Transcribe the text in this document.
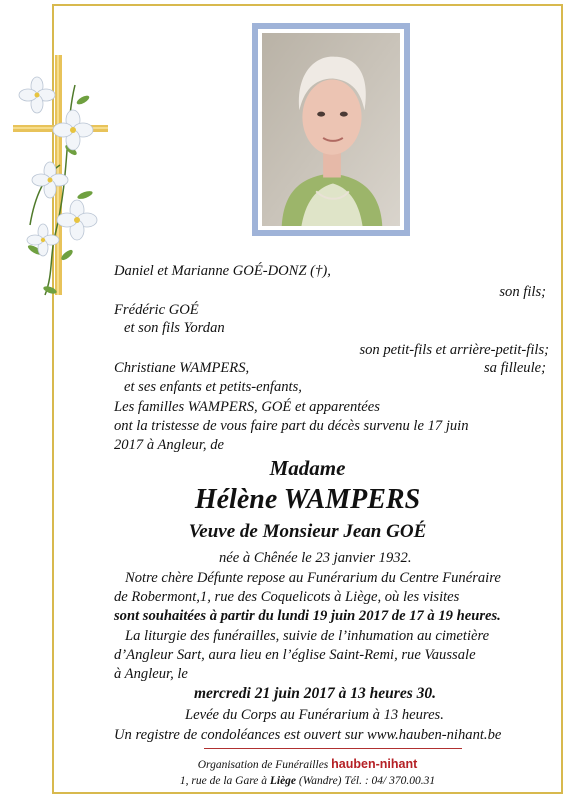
Daniel et Marianne GOÉ-DONZ (†),
son fils;
Frédéric GOÉ
et son fils Yordan
son petit-fils et arrière-petit-fils;
Christiane WAMPERS,	sa filleule;
et ses enfants et petits-enfants,
Les familles WAMPERS, GOÉ et apparentées
ont la tristesse de vous faire part du décès survenu le 17 juin
2017 à Angleur, de
Madame
Hélène WAMPERS
Veuve de Monsieur Jean GOÉ
née à Chênée le 23 janvier 1932.
Notre chère Défunte repose au Funérarium du Centre Funéraire
de Robermont,1, rue des Coquelicots à Liège, où les visites
sont souhaitées à partir du lundi 19 juin 2017 de 17 à 19 heures.
La liturgie des funérailles, suivie de l’inhumation au cimetière
d’Angleur Sart, aura lieu en l’église Saint-Remi, rue Vaussale
à Angleur, le
mercredi 21 juin 2017 à 13 heures 30.
Levée du Corps au Funérarium à 13 heures.
Un registre de condoléances est ouvert sur www.hauben-nihant.be
Organisation de Funérailles hauben-nihant
1, rue de la Gare à Liège (Wandre) Tél. : 04/ 370.00.31
